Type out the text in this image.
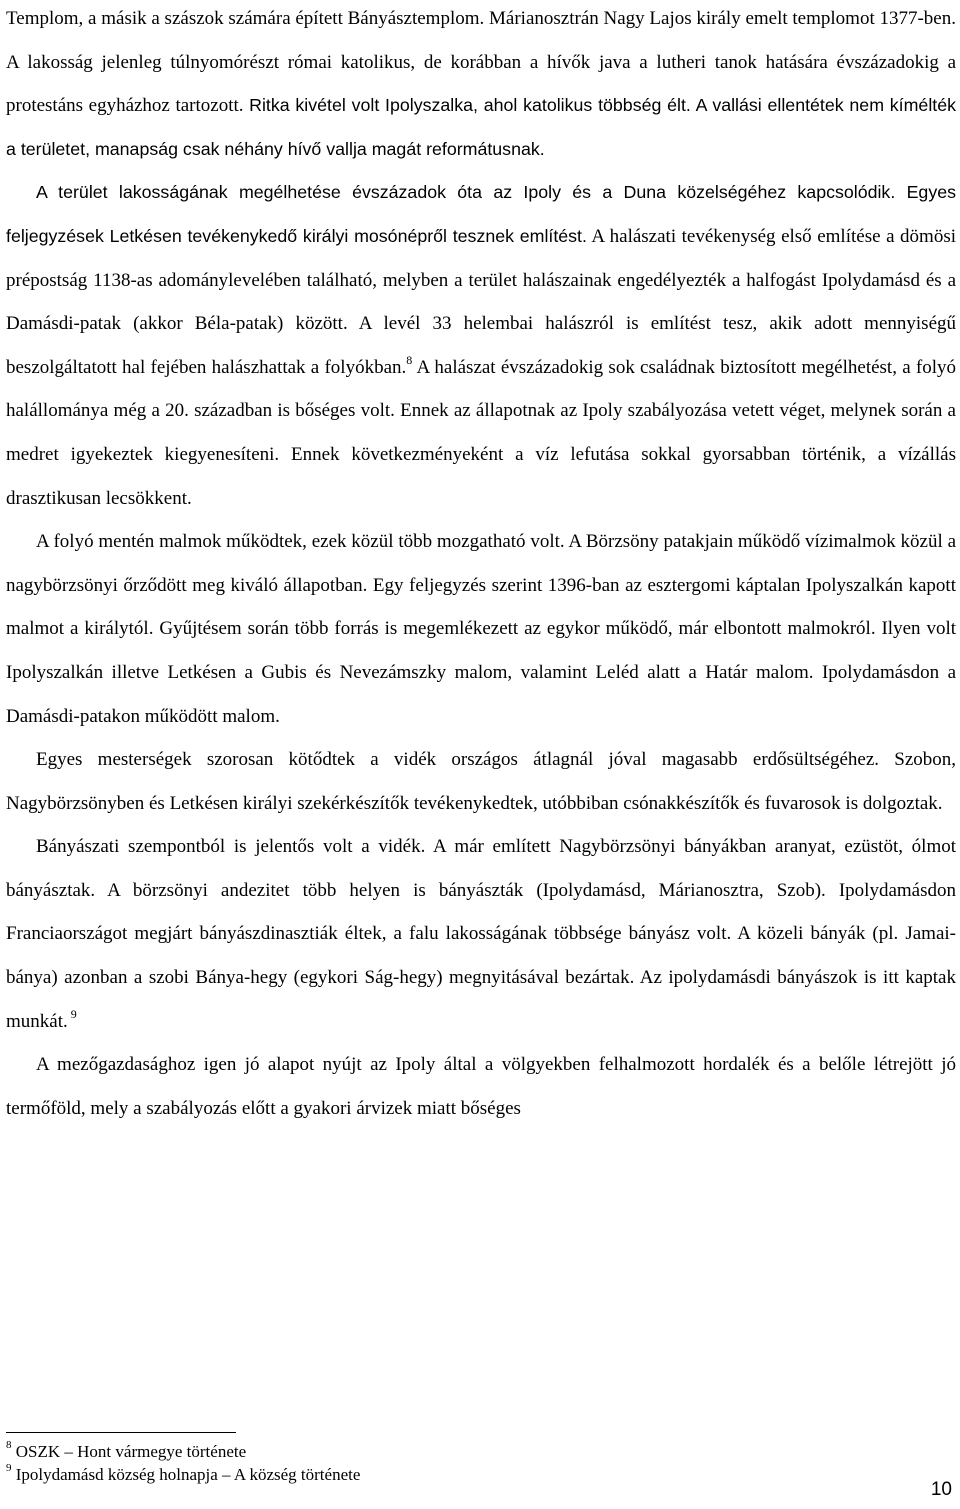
Templom, a másik a szászok számára épített Bányásztemplom. Márianosztrán Nagy Lajos király emelt templomot 1377-ben. A lakosság jelenleg túlnyomórészt római katolikus, de korábban a hívők java a lutheri tanok hatására évszázadokig a protestáns egyházhoz tartozott. Ritka kivétel volt Ipolyszalka, ahol katolikus többség élt. A vallási ellentétek nem kímélték a területet, manapság csak néhány hívő vallja magát reformátusnak.

A terület lakosságának megélhetése évszázadok óta az Ipoly és a Duna közelségéhez kapcsolódik. Egyes feljegyzések Letkésen tevékenykedő királyi mosónépről tesznek említést. A halászati tevékenység első említése a dömösi prépostság 1138-as adománylevelében található, melyben a terület halászainak engedélyezték a halfogást Ipolydamásd és a Damásdi-patak (akkor Béla-patak) között. A levél 33 helembai halászról is említést tesz, akik adott mennyiségű beszolgáltatott hal fejében halászhattak a folyókban.$^8$ A halászat évszázadokig sok családnak biztosított megélhetést, a folyó halállománya még a 20. században is bőséges volt. Ennek az állapotnak az Ipoly szabályozása vetett véget, melynek során a medret igyekeztek kiegyenesíteni. Ennek következményeként a víz lefutása sokkal gyorsabban történik, a vízállás drasztikusan lecsökkent.

A folyó mentén malmok működtek, ezek közül több mozgatható volt. A Börzsöny patakjain működő vízimalmok közül a nagybörzsönyi őrződött meg kiváló állapotban. Egy feljegyzés szerint 1396-ban az esztergomi káptalan Ipolyszalkán kapott malmot a királytól. Gyűjtésem során több forrás is megemlékezett az egykor működő, már elbontott malmokról. Ilyen volt Ipolyszalkán illetve Letkésen a Gubis és Nevezámszky malom, valamint Leléd alatt a Határ malom. Ipolydamásdon a Damásdi-patakon működött malom.

Egyes mesterségek szorosan kötődtek a vidék országos átlagnál jóval magasabb erdősültségéhez. Szobon, Nagybörzsönyben és Letkésen királyi szekérkészítők tevékenykedtek, utóbbiban csónakkészítők és fuvarosok is dolgoztak.

Bányászati szempontból is jelentős volt a vidék. A már említett Nagybörzsönyi bányákban aranyat, ezüstöt, ólmot bányásztak. A börzsönyi andezitet több helyen is bányászták (Ipolydamásd, Márianosztra, Szob). Ipolydamásdon Franciaországot megjárt bányászdinasztiák éltek, a falu lakosságának többsége bányász volt. A közeli bányák (pl. Jamai-bánya) azonban a szobi Bánya-hegy (egykori Ság-hegy) megnyitásával bezártak. Az ipolydamásdi bányászok is itt kaptak munkát. $^9$

A mezőgazdasághoz igen jó alapot nyújt az Ipoly által a völgyekben felhalmozott hordalék és a belőle létrejött jó termőföld, mely a szabályozás előtt a gyakori árvizek miatt bőséges

$^8$ OSZK – Hont vármegye története
$^9$ Ipolydamásd község holnapja – A község története
10
